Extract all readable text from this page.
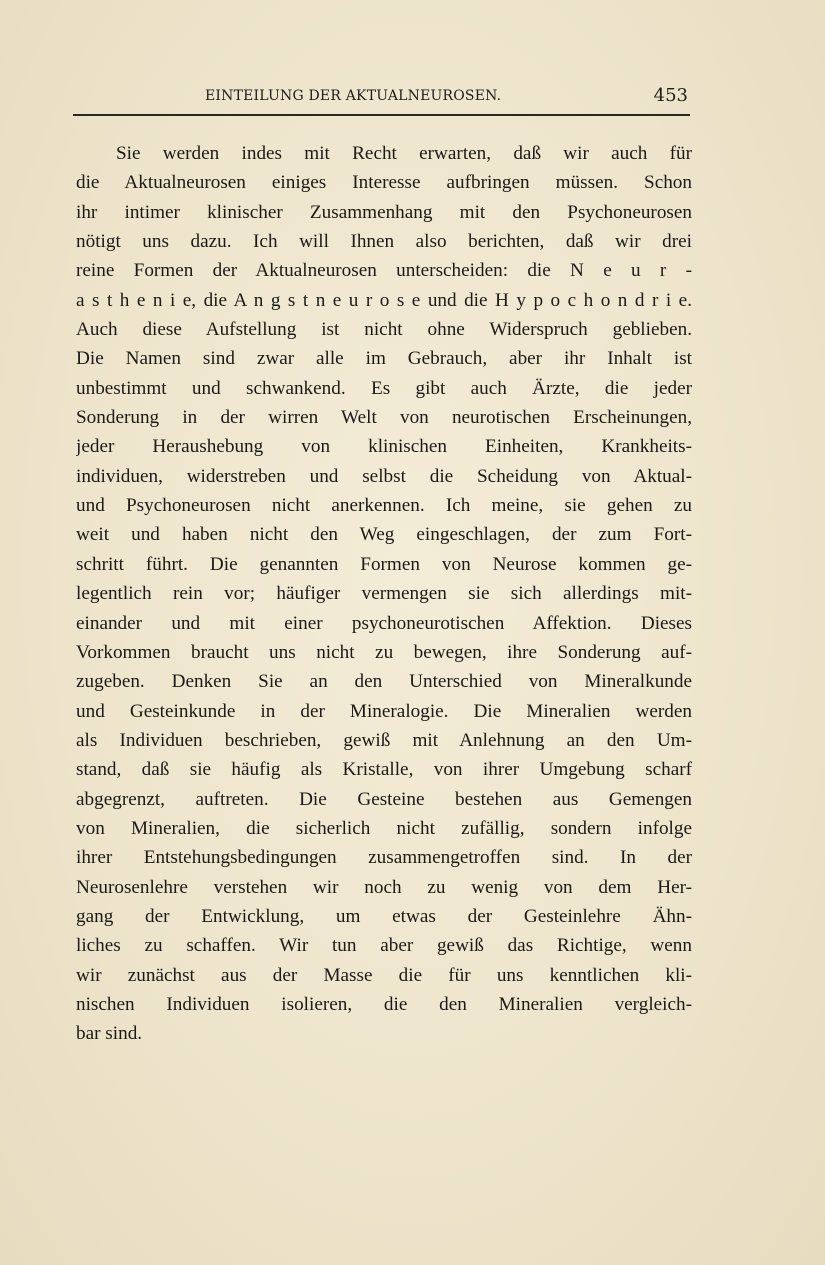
EINTEILUNG DER AKTUALNEUROSEN.	453
Sie werden indes mit Recht erwarten, daß wir auch für
die Aktualneurosen einiges Interesse aufbringen müssen. Schon
ihr intimer klinischer Zusammenhang mit den Psychoneurosen
nötigt uns dazu. Ich will Ihnen also berichten, daß wir drei
reine Formen der Aktualneurosen unterscheiden: die N e u r -
a s t h e n i e, die A n g s t n e u r o s e und die H y p o c h o n d r i e.
Auch diese Aufstellung ist nicht ohne Widerspruch geblieben.
Die Namen sind zwar alle im Gebrauch, aber ihr Inhalt ist
unbestimmt und schwankend. Es gibt auch Ärzte, die jeder
Sonderung in der wirren Welt von neurotischen Erscheinungen,
jeder Heraushebung von klinischen Einheiten, Krankheits-
individuen, widerstreben und selbst die Scheidung von Aktual-
und Psychoneurosen nicht anerkennen. Ich meine, sie gehen zu
weit und haben nicht den Weg eingeschlagen, der zum Fort-
schritt führt. Die genannten Formen von Neurose kommen ge-
legentlich rein vor; häufiger vermengen sie sich allerdings mit-
einander und mit einer psychoneurotischen Affektion. Dieses
Vorkommen braucht uns nicht zu bewegen, ihre Sonderung auf-
zugeben. Denken Sie an den Unterschied von Mineralkunde
und Gesteinkunde in der Mineralogie. Die Mineralien werden
als Individuen beschrieben, gewiß mit Anlehnung an den Um-
stand, daß sie häufig als Kristalle, von ihrer Umgebung scharf
abgegrenzt, auftreten. Die Gesteine bestehen aus Gemengen
von Mineralien, die sicherlich nicht zufällig, sondern infolge
ihrer Entstehungsbedingungen zusammengetroffen sind. In der
Neurosenlehre verstehen wir noch zu wenig von dem Her-
gang der Entwicklung, um etwas der Gesteinlehre Ähn-
liches zu schaffen. Wir tun aber gewiß das Richtige, wenn
wir zunächst aus der Masse die für uns kenntlichen kli-
nischen Individuen isolieren, die den Mineralien vergleich-
bar sind.
